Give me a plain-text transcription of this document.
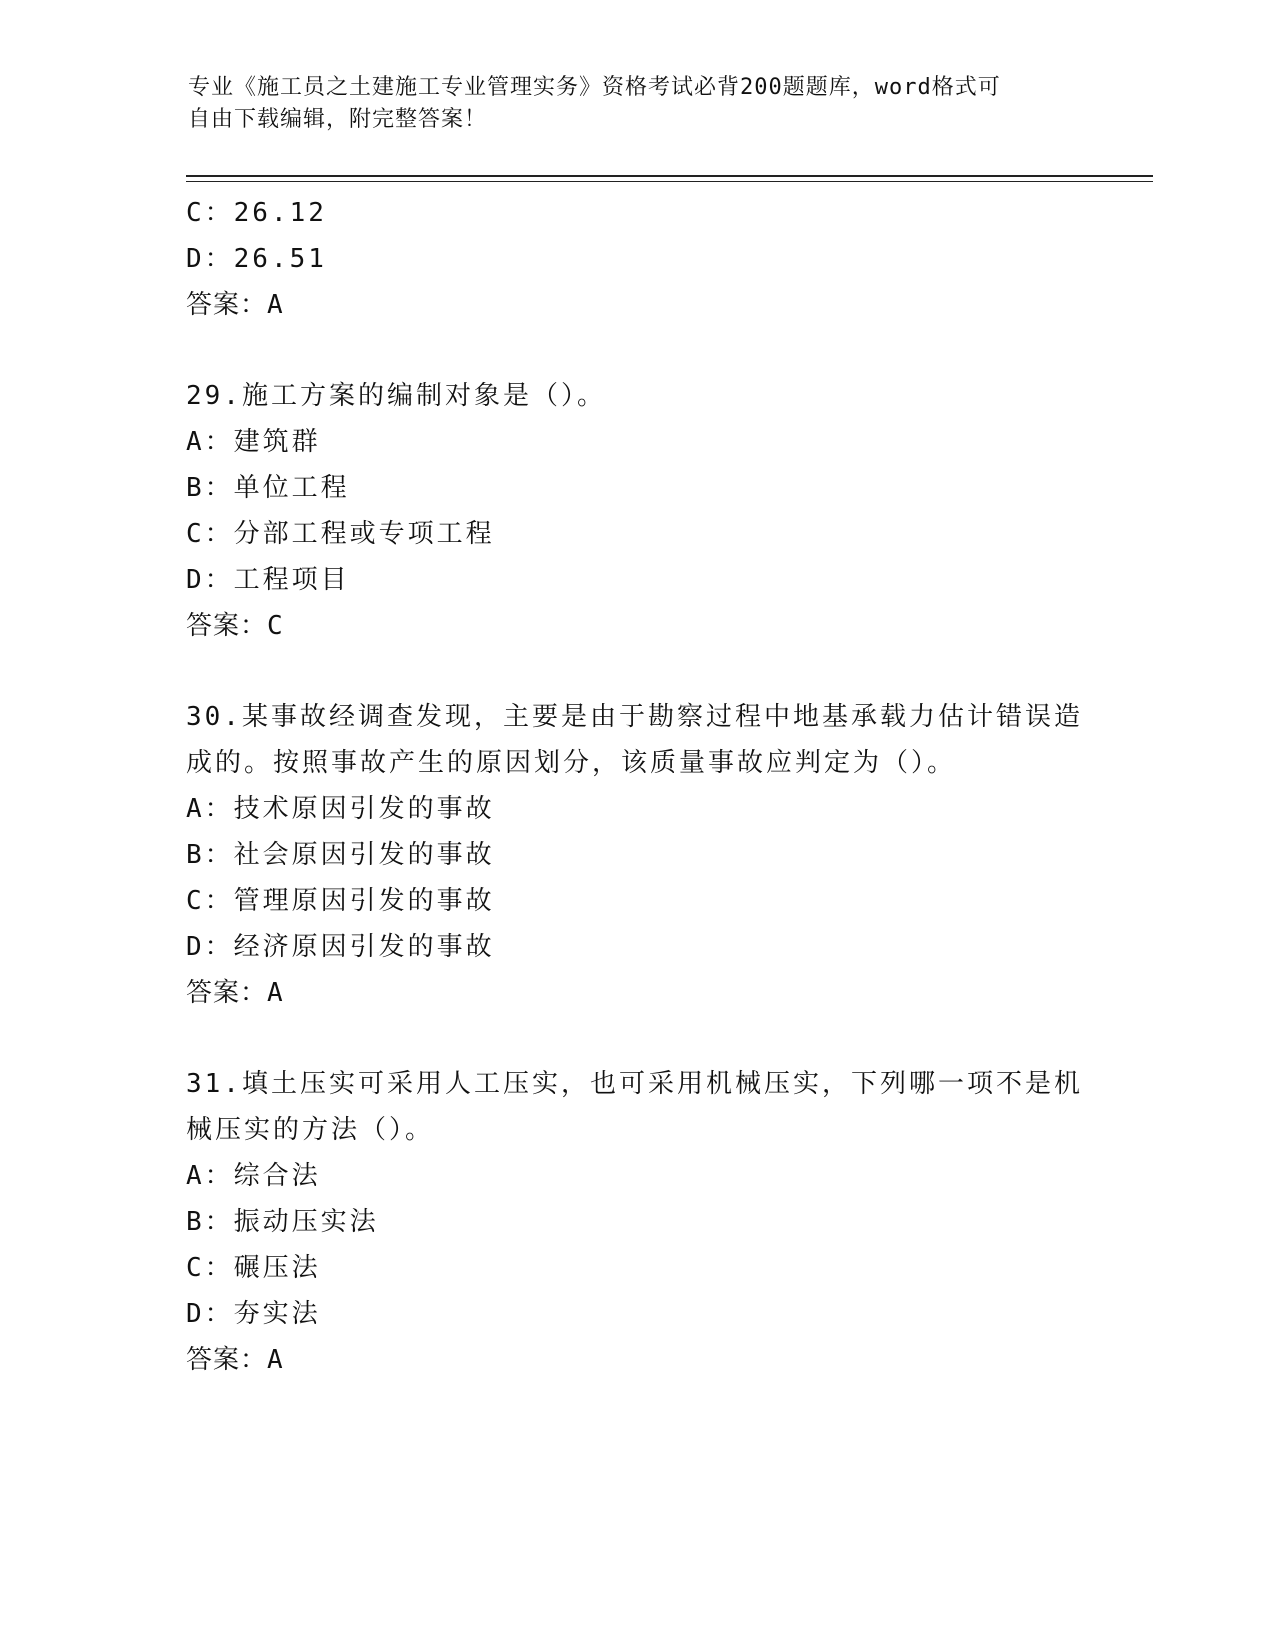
专业《施工员之土建施工专业管理实务》资格考试必背200题题库，word格式可
自由下载编辑，附完整答案！
C：26.12
D：26.51
答案：A
29.施工方案的编制对象是（）。
A：建筑群
B：单位工程
C：分部工程或专项工程
D：工程项目
答案：C
30.某事故经调查发现，主要是由于勘察过程中地基承载力估计错误造
成的。按照事故产生的原因划分，该质量事故应判定为（）。
A：技术原因引发的事故
B：社会原因引发的事故
C：管理原因引发的事故
D：经济原因引发的事故
答案：A
31.填土压实可采用人工压实，也可采用机械压实，下列哪一项不是机
械压实的方法（）。
A：综合法
B：振动压实法
C：碾压法
D：夯实法
答案：A
